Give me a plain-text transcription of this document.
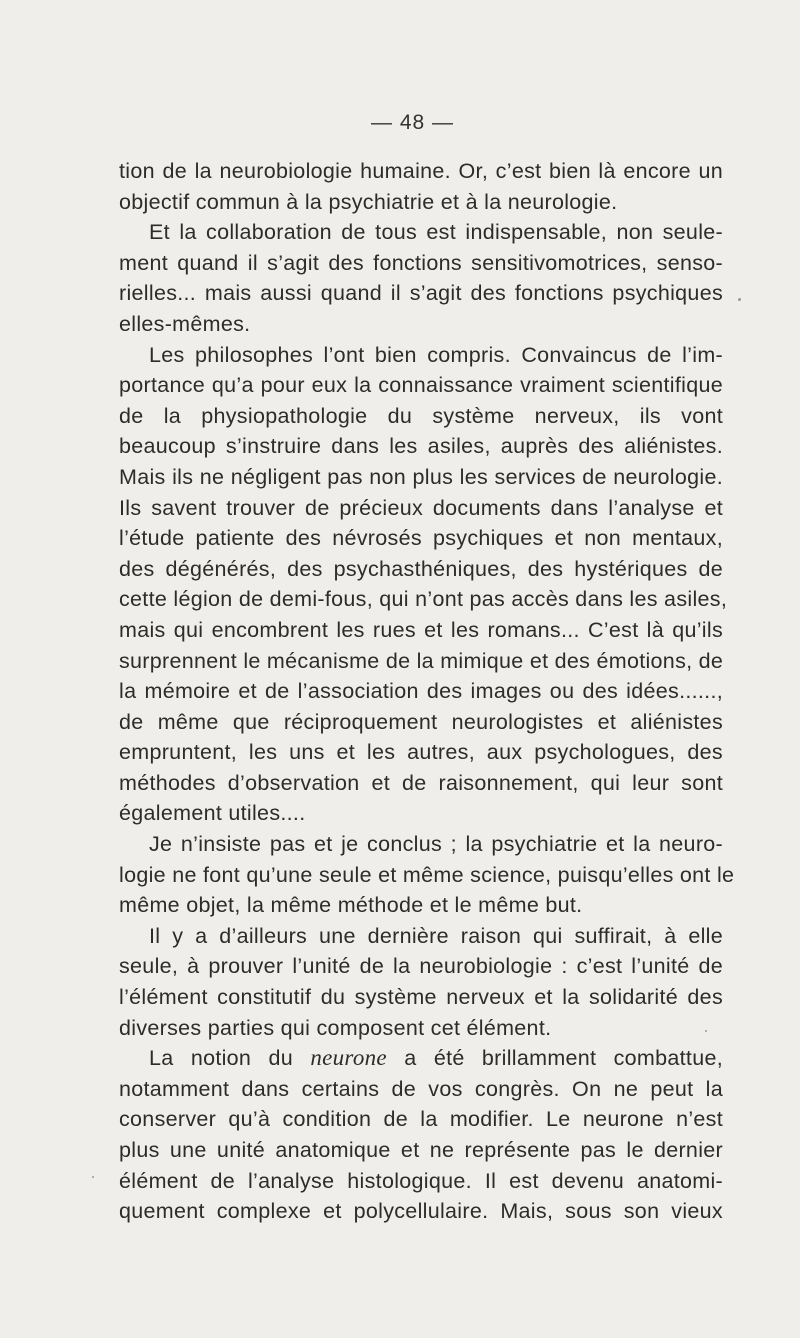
— 48 —
tion de la neurobiologie humaine. Or, c’est bien là encore un
objectif commun à la psychiatrie et à la neurologie.
Et la collaboration de tous est indispensable, non seule-
ment quand il s’agit des fonctions sensitivomotrices, senso-
rielles... mais aussi quand il s’agit des fonctions psychiques
elles-mêmes.
Les philosophes l’ont bien compris. Convaincus de l’im-
portance qu’a pour eux la connaissance vraiment scientifique
de la physiopathologie du système nerveux, ils vont
beaucoup s’instruire dans les asiles, auprès des aliénistes.
Mais ils ne négligent pas non plus les services de neurologie.
Ils savent trouver de précieux documents dans l’analyse et
l’étude patiente des névrosés psychiques et non mentaux,
des dégénérés, des psychasthéniques, des hystériques de
cette légion de demi-fous, qui n’ont pas accès dans les asiles,
mais qui encombrent les rues et les romans... C’est là qu’ils
surprennent le mécanisme de la mimique et des émotions, de
la mémoire et de l’association des images ou des idées......,
de même que réciproquement neurologistes et aliénistes
empruntent, les uns et les autres, aux psychologues, des
méthodes d’observation et de raisonnement, qui leur sont
également utiles....
Je n’insiste pas et je conclus ; la psychiatrie et la neuro-
logie ne font qu’une seule et même science, puisqu’elles ont le
même objet, la même méthode et le même but.
Il y a d’ailleurs une dernière raison qui suffirait, à elle
seule, à prouver l’unité de la neurobiologie : c’est l’unité de
l’élément constitutif du système nerveux et la solidarité des
diverses parties qui composent cet élément.
La notion du neurone a été brillamment combattue,
notamment dans certains de vos congrès. On ne peut la
conserver qu’à condition de la modifier. Le neurone n’est
plus une unité anatomique et ne représente pas le dernier
élément de l’analyse histologique. Il est devenu anatomi-
quement complexe et polycellulaire. Mais, sous son vieux
